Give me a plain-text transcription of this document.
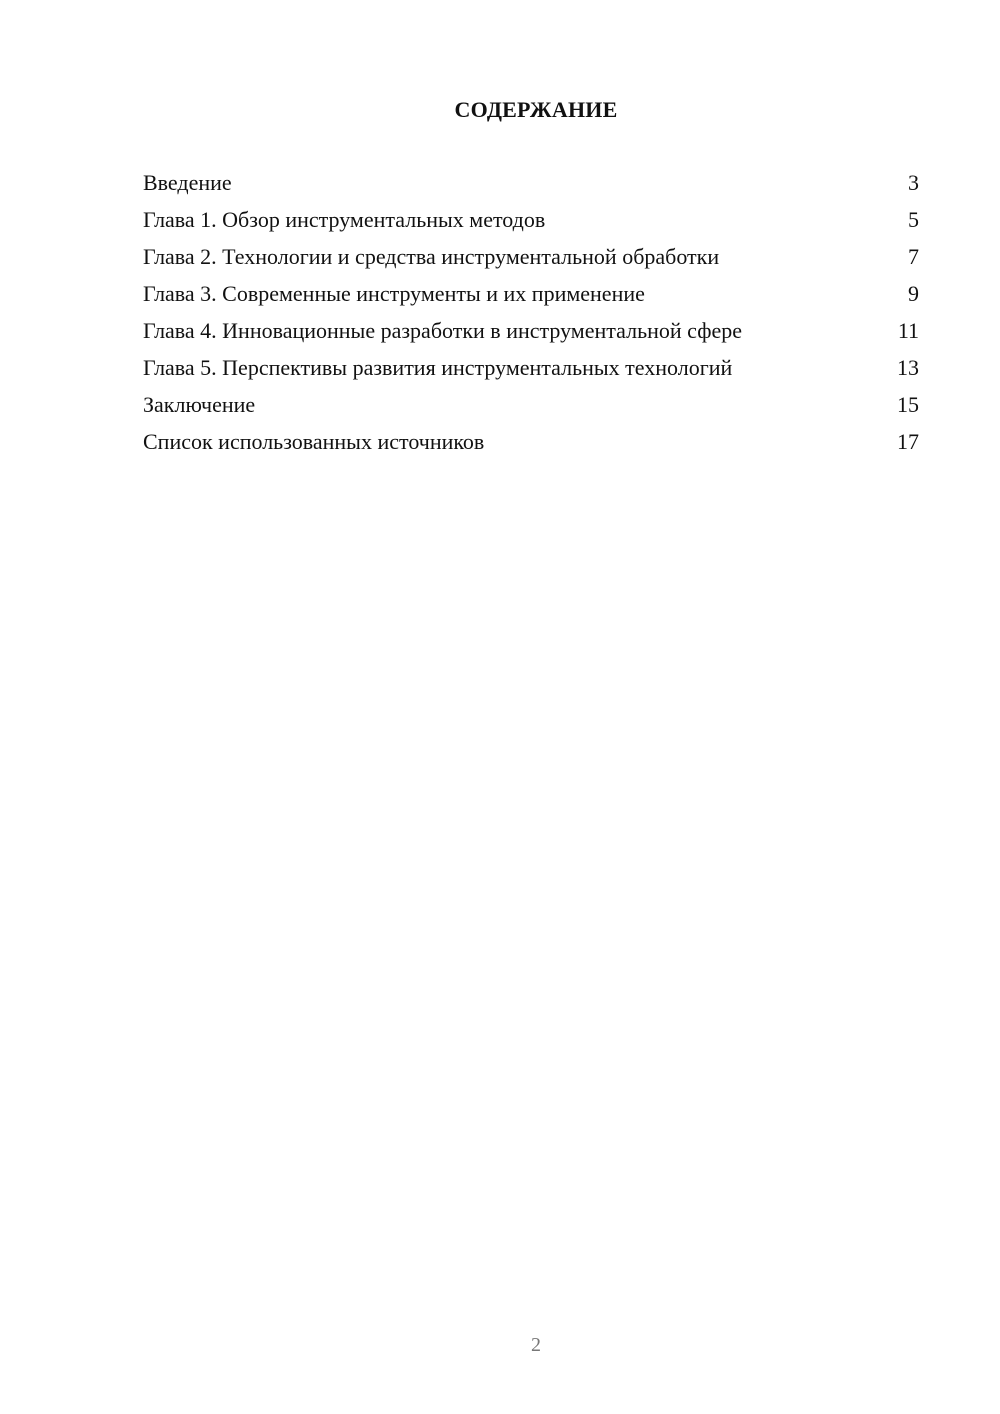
СОДЕРЖАНИЕ
Введение	3
Глава 1. Обзор инструментальных методов	5
Глава 2. Технологии и средства инструментальной обработки	7
Глава 3. Современные инструменты и их применение	9
Глава 4. Инновационные разработки в инструментальной сфере	11
Глава 5. Перспективы развития инструментальных технологий	13
Заключение	15
Список использованных источников	17
2
